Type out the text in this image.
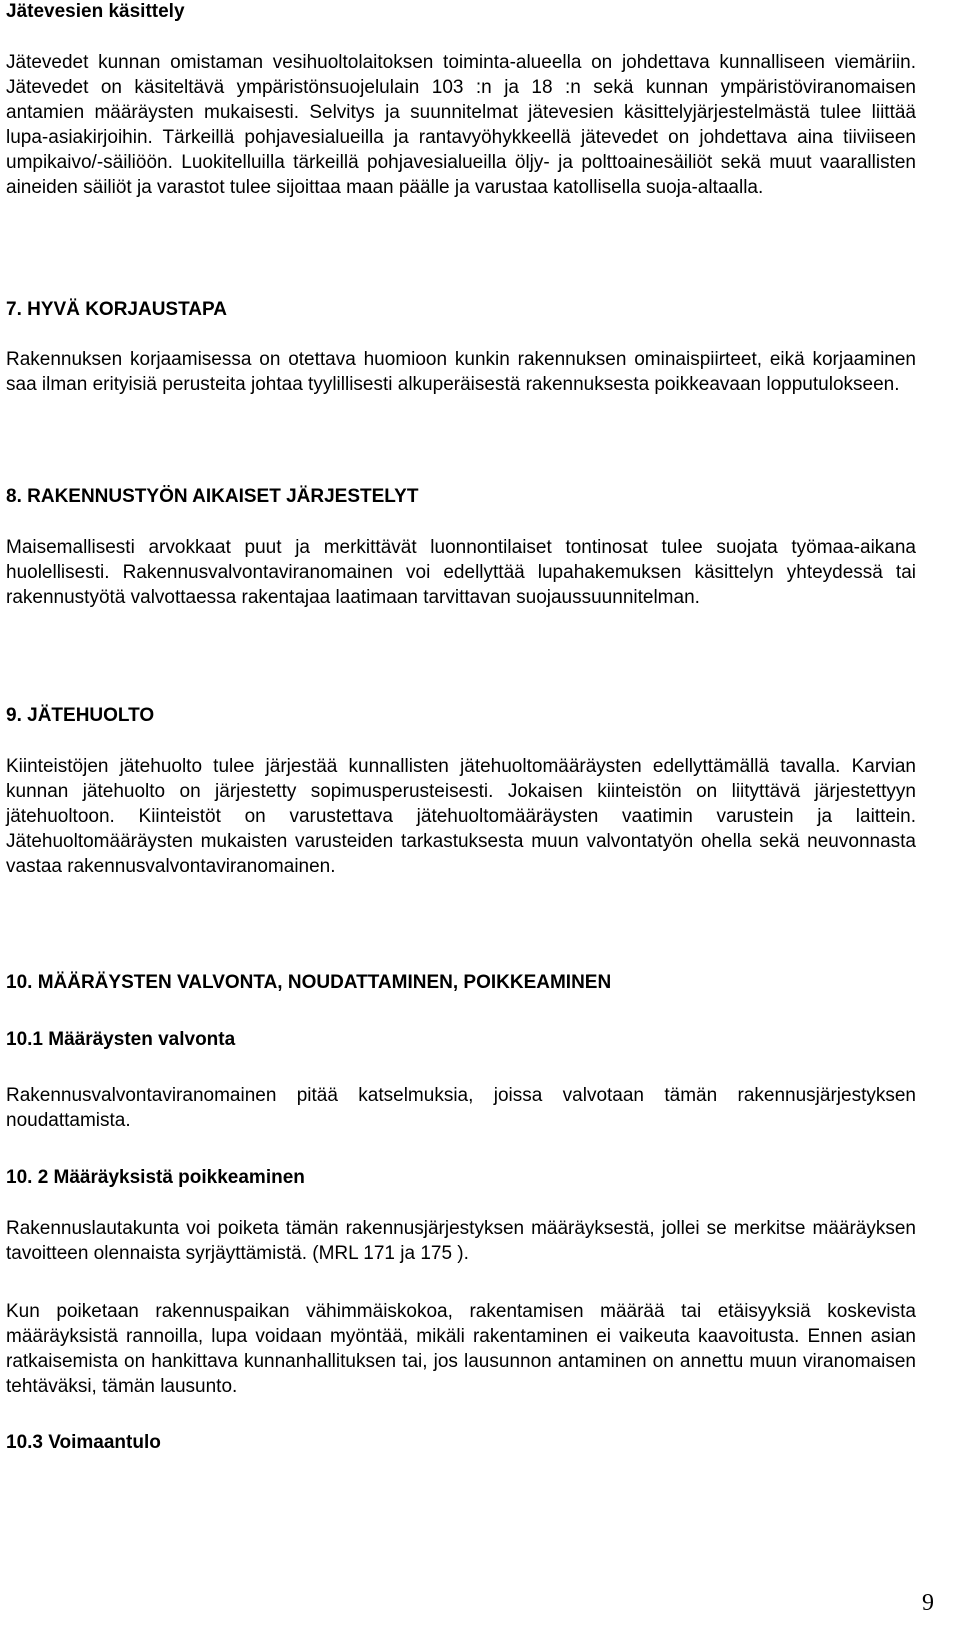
Jätevesien käsittely

Jätevedet kunnan omistaman vesihuoltolaitoksen toiminta-alueella on johdettava kunnalliseen viemäriin. Jätevedet on käsiteltävä ympäristönsuojelulain 103 :n ja 18 :n sekä kunnan ympäristöviranomaisen antamien määräysten mukaisesti. Selvitys ja suunnitelmat jätevesien käsittelyjärjestelmästä tulee liittää lupa-asiakirjoihin. Tärkeillä pohjavesialueilla ja rantavyöhykkeellä jätevedet on johdettava aina tiiviiseen umpikaivo/-säiliöön. Luokitelluilla tärkeillä pohjavesialueilla öljy- ja polttoainesäiliöt sekä muut vaarallisten aineiden säiliöt ja varastot tulee sijoittaa maan päälle ja varustaa katollisella suoja-altaalla.

7. HYVÄ KORJAUSTAPA

Rakennuksen korjaamisessa on otettava huomioon kunkin rakennuksen ominaispiirteet, eikä korjaaminen saa ilman erityisiä perusteita johtaa tyylillisesti alkuperäisestä rakennuksesta poikkeavaan lopputulokseen.

8. RAKENNUSTYÖN AIKAISET JÄRJESTELYT

Maisemallisesti arvokkaat puut ja merkittävät luonnontilaiset tontinosat tulee suojata työmaa-aikana huolellisesti. Rakennusvalvontaviranomainen voi edellyttää lupahakemuksen käsittelyn yhteydessä tai rakennustyötä valvottaessa rakentajaa laatimaan tarvittavan suojaussuunnitelman.

9. JÄTEHUOLTO

Kiinteistöjen jätehuolto tulee järjestää kunnallisten jätehuoltomääräysten edellyttämällä tavalla. Karvian kunnan jätehuolto on järjestetty sopimusperusteisesti. Jokaisen kiinteistön on liityttävä järjestettyyn jätehuoltoon. Kiinteistöt on varustettava jätehuoltomääräysten vaatimin varustein ja laittein. Jätehuoltomääräysten mukaisten varusteiden tarkastuksesta muun valvontatyön ohella sekä neuvonnasta vastaa rakennusvalvontaviranomainen.

10. MÄÄRÄYSTEN VALVONTA, NOUDATTAMINEN, POIKKEAMINEN
10.1 Määräysten valvonta

Rakennusvalvontaviranomainen pitää katselmuksia, joissa valvotaan tämän rakennusjärjestyksen noudattamista.

10. 2 Määräyksistä poikkeaminen

Rakennuslautakunta voi poiketa tämän rakennusjärjestyksen määräyksestä, jollei se merkitse määräyksen tavoitteen olennaista syrjäyttämistä. (MRL 171 ja 175 ).

Kun poiketaan rakennuspaikan vähimmäiskokoa, rakentamisen määrää tai etäisyyksiä koskevista määräyksistä rannoilla, lupa voidaan myöntää, mikäli rakentaminen ei vaikeuta kaavoitusta. Ennen asian ratkaisemista on hankittava kunnanhallituksen tai, jos lausunnon antaminen on annettu muun viranomaisen tehtäväksi, tämän lausunto.

10.3 Voimaantulo
9
